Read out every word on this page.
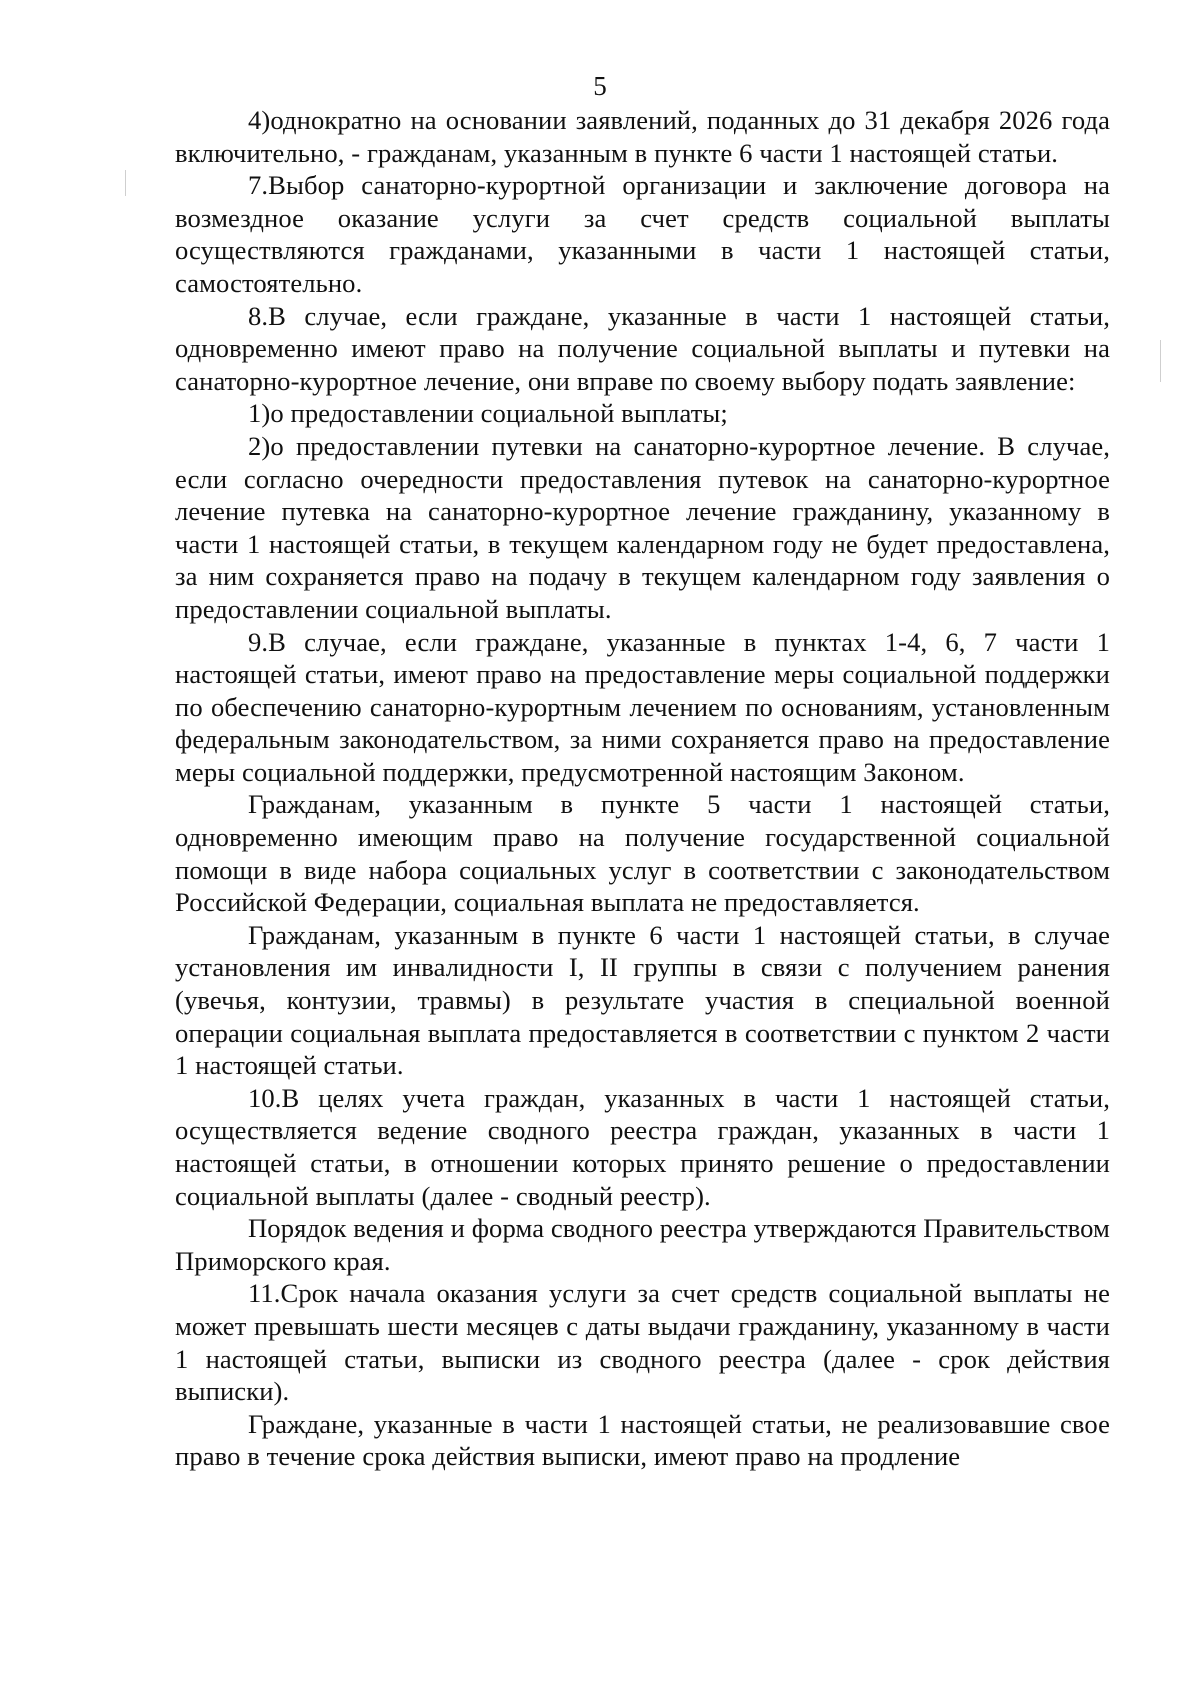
5

4)однократно на основании заявлений, поданных до 31 декабря 2026 года включительно, - гражданам, указанным в пункте 6 части 1 настоящей статьи.

7.Выбор санаторно-курортной организации и заключение договора на возмездное оказание услуги за счет средств социальной выплаты осуществляются гражданами, указанными в части 1 настоящей статьи, самостоятельно.

8.В случае, если граждане, указанные в части 1 настоящей статьи, одновременно имеют право на получение социальной выплаты и путевки на санаторно-курортное лечение, они вправе по своему выбору подать заявление:

1)о предоставлении социальной выплаты;

2)о предоставлении путевки на санаторно-курортное лечение. В случае, если согласно очередности предоставления путевок на санаторно-курортное лечение путевка на санаторно-курортное лечение гражданину, указанному в части 1 настоящей статьи, в текущем календарном году не будет предоставлена, за ним сохраняется право на подачу в текущем календарном году заявления о предоставлении социальной выплаты.

9.В случае, если граждане, указанные в пунктах 1-4, 6, 7 части 1 настоящей статьи, имеют право на предоставление меры социальной поддержки по обеспечению санаторно-курортным лечением по основаниям, установленным федеральным законодательством, за ними сохраняется право на предоставление меры социальной поддержки, предусмотренной настоящим Законом.

Гражданам, указанным в пункте 5 части 1 настоящей статьи, одновременно имеющим право на получение государственной социальной помощи в виде набора социальных услуг в соответствии с законодательством Российской Федерации, социальная выплата не предоставляется.

Гражданам, указанным в пункте 6 части 1 настоящей статьи, в случае установления им инвалидности I, II группы в связи с получением ранения (увечья, контузии, травмы) в результате участия в специальной военной операции социальная выплата предоставляется в соответствии с пунктом 2 части 1 настоящей статьи.

10.В целях учета граждан, указанных в части 1 настоящей статьи, осуществляется ведение сводного реестра граждан, указанных в части 1 настоящей статьи, в отношении которых принято решение о предоставлении социальной выплаты (далее - сводный реестр).

Порядок ведения и форма сводного реестра утверждаются Правительством Приморского края.

11.Срок начала оказания услуги за счет средств социальной выплаты не может превышать шести месяцев с даты выдачи гражданину, указанному в части 1 настоящей статьи, выписки из сводного реестра (далее - срок действия выписки).

Граждане, указанные в части 1 настоящей статьи, не реализовавшие свое право в течение срока действия выписки, имеют право на продление
